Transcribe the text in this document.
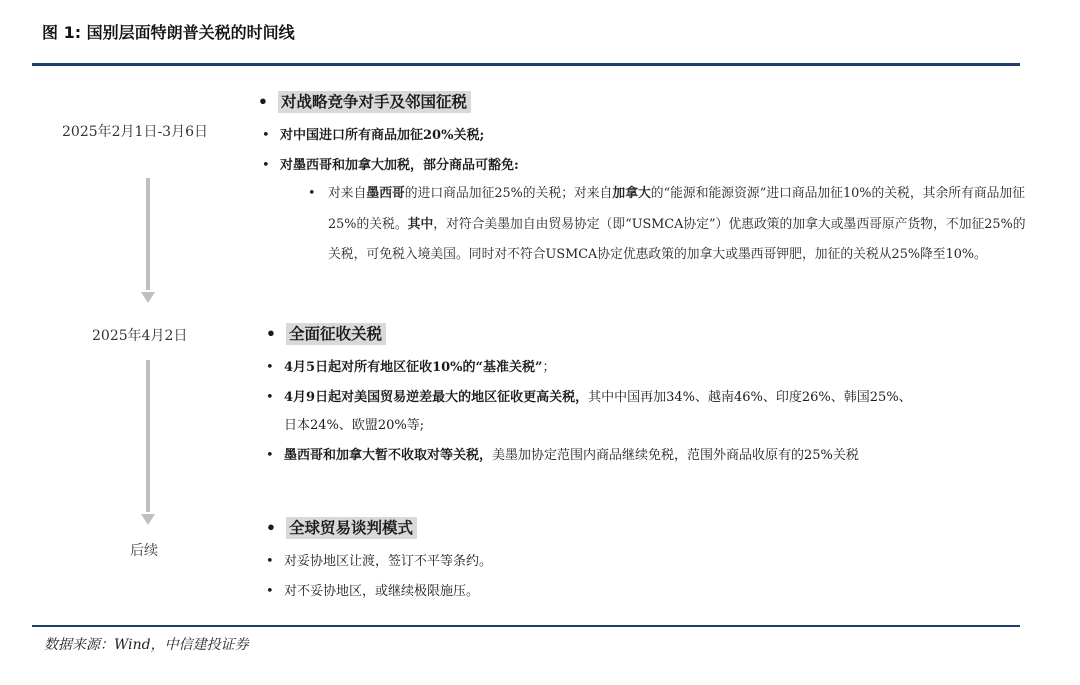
图 1: 国别层面特朗普关税的时间线
2025年2月1日-3月6日
• 对战略竞争对手及邻国征税
• 对中国进口所有商品加征20%关税;
• 对墨西哥和加拿大加税，部分商品可豁免:
• 对来自墨西哥的进口商品加征25%的关税；对来自加拿大的“能源和能源资源”进口商品加征10%的关税，其余所有商品加征25%的关税。其中，对符合美墨加自由贸易协定（即“USMCA协定”）优惠政策的加拿大或墨西哥原产货物，不加征25%的关税，可免税入境美国。同时对不符合USMCA协定优惠政策的加拿大或墨西哥钾肥，加征的关税从25%降至10%。
2025年4月2日	• 全面征收关税
• 4月5日起对所有地区征收10%的“基准关税”；
• 4月9日起对美国贸易逆差最大的地区征收更高关税，其中中国再加34%、越南46%、印度26%、韩国25%、
日本24%、欧盟20%等;
• 墨西哥和加拿大暂不收取对等关税，美墨加协定范围内商品继续免税，范围外商品收原有的25%关税
后续
• 全球贸易谈判模式
• 对妥协地区让渡，签订不平等条约。
• 对不妥协地区，或继续极限施压。
数据来源：Wind，中信建投证券
